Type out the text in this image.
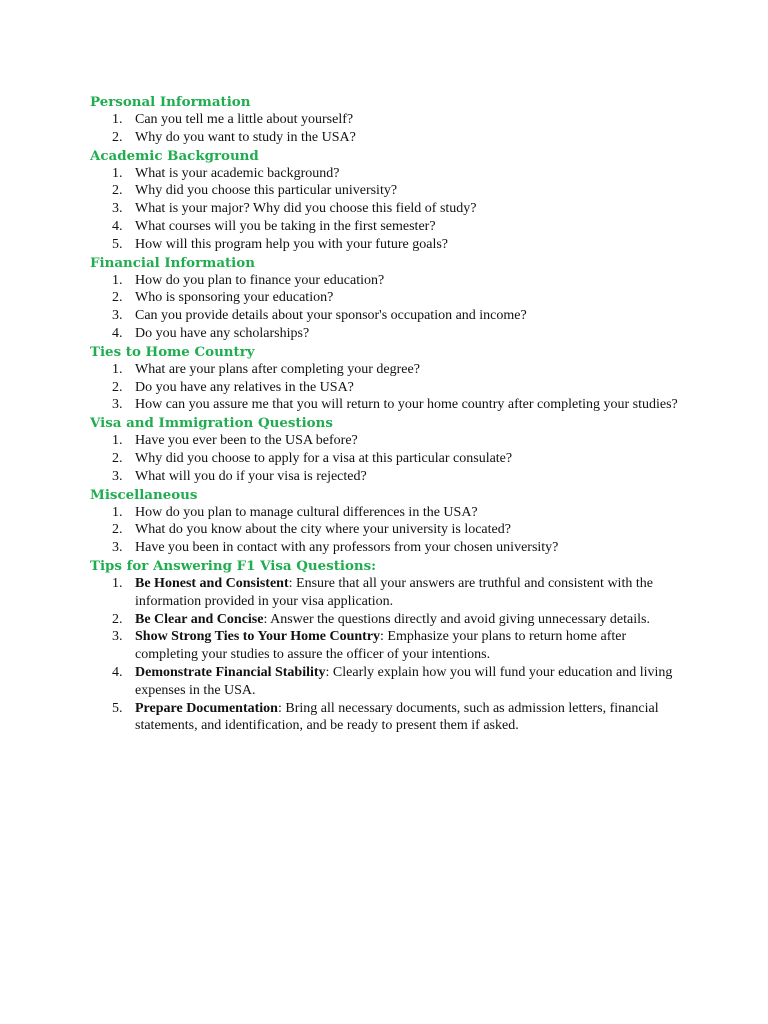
Personal Information
1. Can you tell me a little about yourself?
2. Why do you want to study in the USA?
Academic Background
1. What is your academic background?
2. Why did you choose this particular university?
3. What is your major? Why did you choose this field of study?
4. What courses will you be taking in the first semester?
5. How will this program help you with your future goals?
Financial Information
1. How do you plan to finance your education?
2. Who is sponsoring your education?
3. Can you provide details about your sponsor's occupation and income?
4. Do you have any scholarships?
Ties to Home Country
1. What are your plans after completing your degree?
2. Do you have any relatives in the USA?
3. How can you assure me that you will return to your home country after completing your studies?
Visa and Immigration Questions
1. Have you ever been to the USA before?
2. Why did you choose to apply for a visa at this particular consulate?
3. What will you do if your visa is rejected?
Miscellaneous
1. How do you plan to manage cultural differences in the USA?
2. What do you know about the city where your university is located?
3. Have you been in contact with any professors from your chosen university?
Tips for Answering F1 Visa Questions:
1. Be Honest and Consistent: Ensure that all your answers are truthful and consistent with the information provided in your visa application.
2. Be Clear and Concise: Answer the questions directly and avoid giving unnecessary details.
3. Show Strong Ties to Your Home Country: Emphasize your plans to return home after completing your studies to assure the officer of your intentions.
4. Demonstrate Financial Stability: Clearly explain how you will fund your education and living expenses in the USA.
5. Prepare Documentation: Bring all necessary documents, such as admission letters, financial statements, and identification, and be ready to present them if asked.
